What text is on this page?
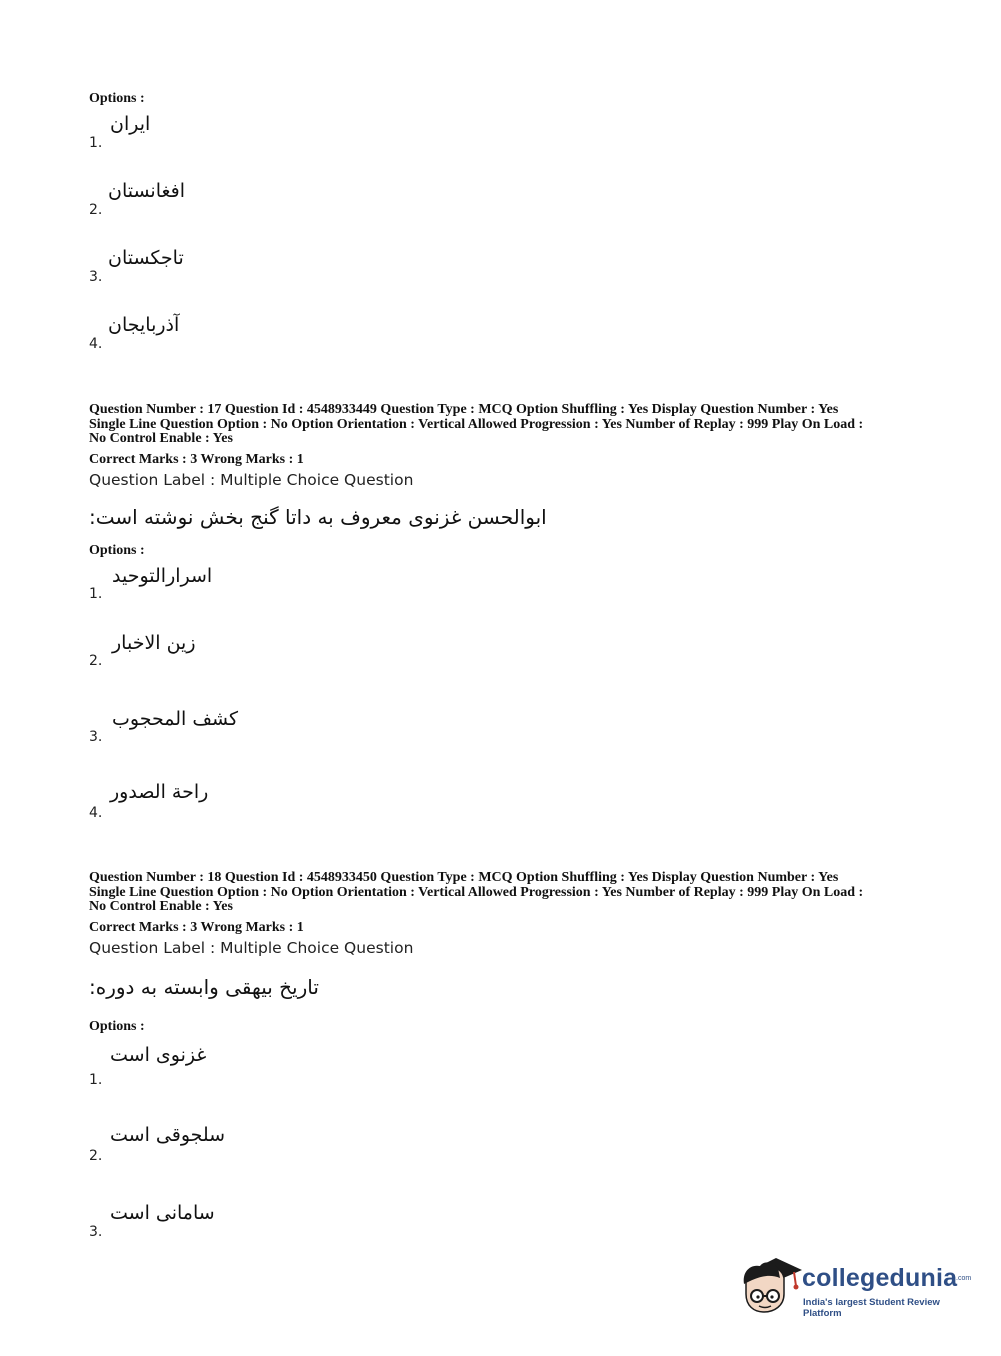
Options :
ایران
1.
افغانستان
2.
تاجکستان
3.
آذربایجان
4.
Question Number : 17 Question Id : 4548933449 Question Type : MCQ Option Shuffling : Yes Display Question Number : Yes
Single Line Question Option : No Option Orientation : Vertical Allowed Progression : Yes Number of Replay : 999 Play On Load :
No Control Enable : Yes
Correct Marks : 3 Wrong Marks : 1
Question Label : Multiple Choice Question
ابوالحسن غزنوی معروف به داتا گنج بخش نوشته است:
Options :
اسرارالتوحید
1.
زین الاخبار
2.
کشف المحجوب
3.
راحة الصدور
4.
Question Number : 18 Question Id : 4548933450 Question Type : MCQ Option Shuffling : Yes Display Question Number : Yes
Single Line Question Option : No Option Orientation : Vertical Allowed Progression : Yes Number of Replay : 999 Play On Load :
No Control Enable : Yes
Correct Marks : 3 Wrong Marks : 1
Question Label : Multiple Choice Question
تاریخ بیهقی وابسته به دوره:
Options :
غزنوی است
1.
سلجوقی است
2.
سامانی است
3.
collegedunia
.com
India's largest Student Review Platform
